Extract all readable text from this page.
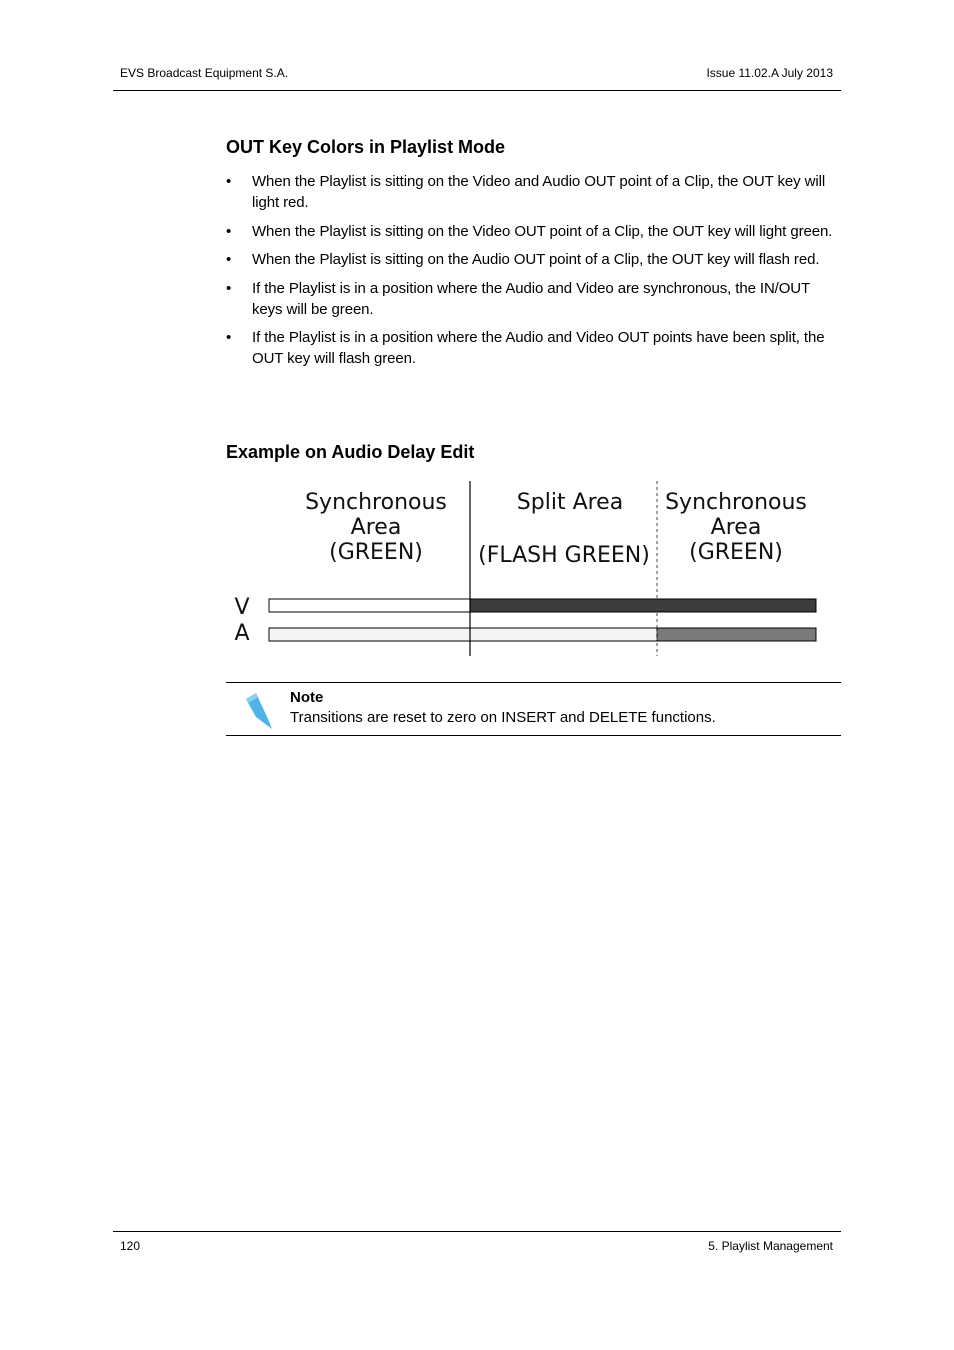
EVS Broadcast Equipment S.A.	Issue 11.02.A July 2013
OUT Key Colors in Playlist Mode
• When the Playlist is sitting on the Video and Audio OUT point of a Clip, the OUT key will light red.
• When the Playlist is sitting on the Video OUT point of a Clip, the OUT key will light green.
• When the Playlist is sitting on the Audio OUT point of a Clip, the OUT key will flash red.
• If the Playlist is in a position where the Audio and Video are synchronous, the IN/OUT keys will be green.
• If the Playlist is in a position where the Audio and Video OUT points have been split, the OUT key will flash green.
Example on Audio Delay Edit
Synchronous
Area
(GREEN)
Split Area
(FLASH GREEN)
Synchronous
Area
(GREEN)
V
A
Note
Transitions are reset to zero on INSERT and DELETE functions.
120	5. Playlist Management
